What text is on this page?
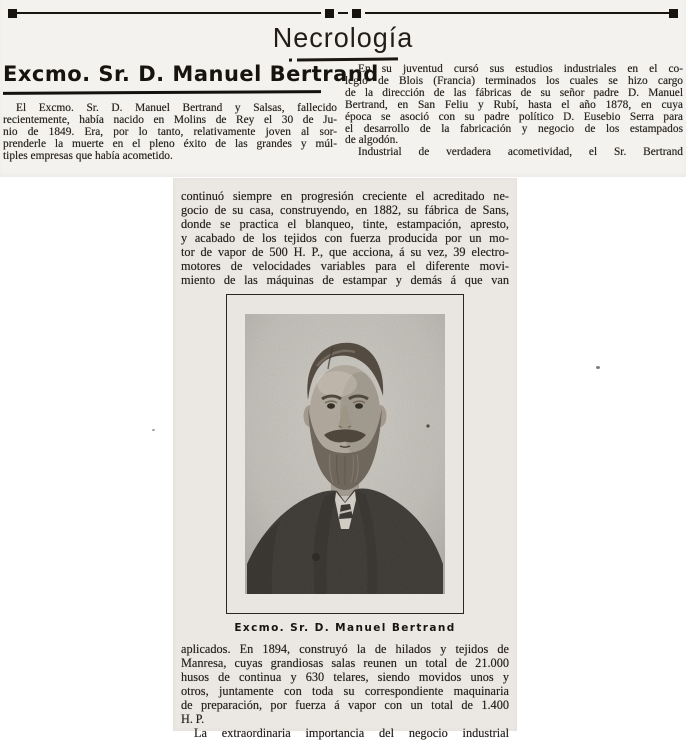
Necrología
Excmo. Sr. D. Manuel Bertrand
El Excmo. Sr. D. Manuel Bertrand y Salsas, fallecido
recientemente, había nacido en Molins de Rey el 30 de Ju-
nio de 1849. Era, por lo tanto, relativamente joven al sor-
prenderle la muerte en el pleno éxito de las grandes y múl-
tiples empresas que había acometido.
En su juventud cursó sus estudios industriales en el co-
legio de Blois (Francia) terminados los cuales se hizo cargo
de la dirección de las fábricas de su señor padre D. Manuel
Bertrand, en San Feliu y Rubí, hasta el año 1878, en cuya
época se asoció con su padre político D. Eusebio Serra para
el desarrollo de la fabricación y negocio de los estampados
de algodón.
Industrial de verdadera acometividad, el Sr. Bertrand
continuó siempre en progresión creciente el acreditado ne-
gocio de su casa, construyendo, en 1882, su fábrica de Sans,
donde se practica el blanqueo, tinte, estampación, apresto,
y acabado de los tejidos con fuerza producida por un mo-
tor de vapor de 500 H. P., que acciona, á su vez, 39 electro-
motores de velocidades variables para el diferente movi-
miento de las máquinas de estampar y demás á que van
Excmo. Sr. D. Manuel Bertrand
aplicados. En 1894, construyó la de hilados y tejidos de
Manresa, cuyas grandiosas salas reunen un total de 21.000
husos de continua y 630 telares, siendo movidos unos y
otros, juntamente con toda su correspondiente maquinaria
de preparación, por fuerza á vapor con un total de 1.400
H. P.
La extraordinaria importancia del negocio industrial
